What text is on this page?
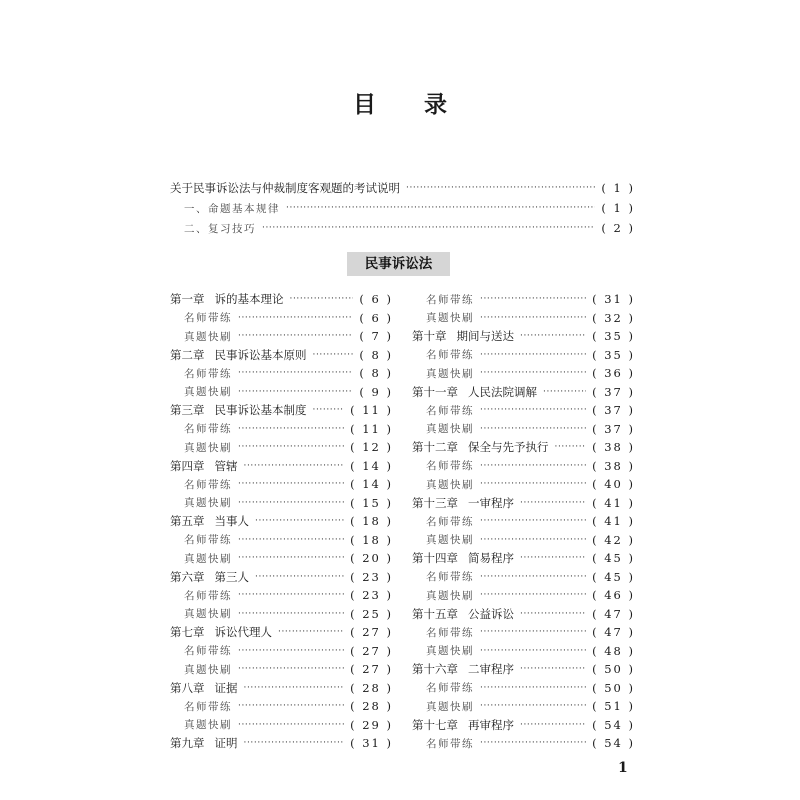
目 录
关于民事诉讼法与仲裁制度客观题的考试说明 ·····	( 1 )
一、命题基本规律 ·····	( 1 )
二、复习技巧 ·····	( 2 )
民事诉讼法
第一章 诉的基本理论 ·····	( 6 )
名师带练 ·····	( 6 )
真题快刷 ·····	( 7 )
第二章 民事诉讼基本原则 ·····	( 8 )
名师带练 ·····	( 8 )
真题快刷 ·····	( 9 )
第三章 民事诉讼基本制度 ·····	( 11 )
名师带练 ·····	( 11 )
真题快刷 ·····	( 12 )
第四章 管辖 ·····	( 14 )
名师带练 ·····	( 14 )
真题快刷 ·····	( 15 )
第五章 当事人 ·····	( 18 )
名师带练 ·····	( 18 )
真题快刷 ·····	( 20 )
第六章 第三人 ·····	( 23 )
名师带练 ·····	( 23 )
真题快刷 ·····	( 25 )
第七章 诉讼代理人 ·····	( 27 )
名师带练 ·····	( 27 )
真题快刷 ·····	( 27 )
第八章 证据 ·····	( 28 )
名师带练 ·····	( 28 )
真题快刷 ·····	( 29 )
第九章 证明 ·····	( 31 )
名师带练 ·····	( 31 )
真题快刷 ·····	( 32 )
第十章 期间与送达 ·····	( 35 )
名师带练 ·····	( 35 )
真题快刷 ·····	( 36 )
第十一章 人民法院调解 ·····	( 37 )
名师带练 ·····	( 37 )
真题快刷 ·····	( 37 )
第十二章 保全与先予执行 ·····	( 38 )
名师带练 ·····	( 38 )
真题快刷 ·····	( 40 )
第十三章 一审程序 ·····	( 41 )
名师带练 ·····	( 41 )
真题快刷 ·····	( 42 )
第十四章 简易程序 ·····	( 45 )
名师带练 ·····	( 45 )
真题快刷 ·····	( 46 )
第十五章 公益诉讼 ·····	( 47 )
名师带练 ·····	( 47 )
真题快刷 ·····	( 48 )
第十六章 二审程序 ·····	( 50 )
名师带练 ·····	( 50 )
真题快刷 ·····	( 51 )
第十七章 再审程序 ·····	( 54 )
名师带练 ·····	( 54 )
1
